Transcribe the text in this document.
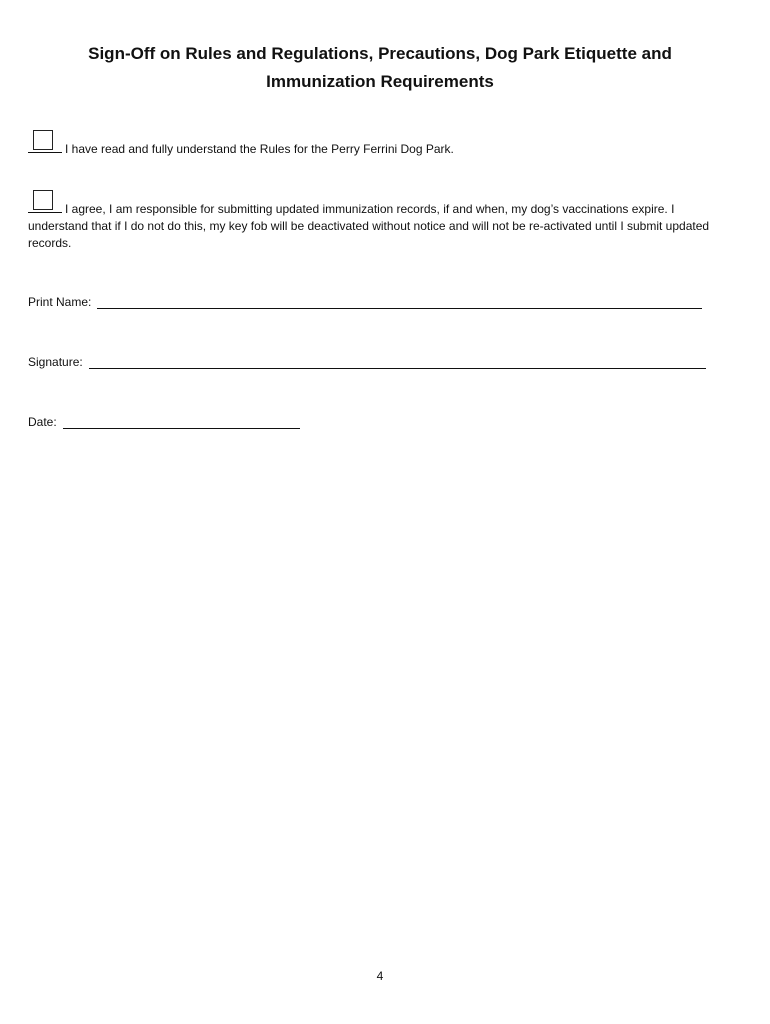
Sign-Off on Rules and Regulations, Precautions, Dog Park Etiquette and
Immunization Requirements
I have read and fully understand the Rules for the Perry Ferrini Dog Park.
I agree, I am responsible for submitting updated immunization records, if and when, my dog’s vaccinations expire. I understand that if I do not do this, my key fob will be deactivated without notice and will not be re-activated until I submit updated records.
Print Name:
Signature:
Date:
4
